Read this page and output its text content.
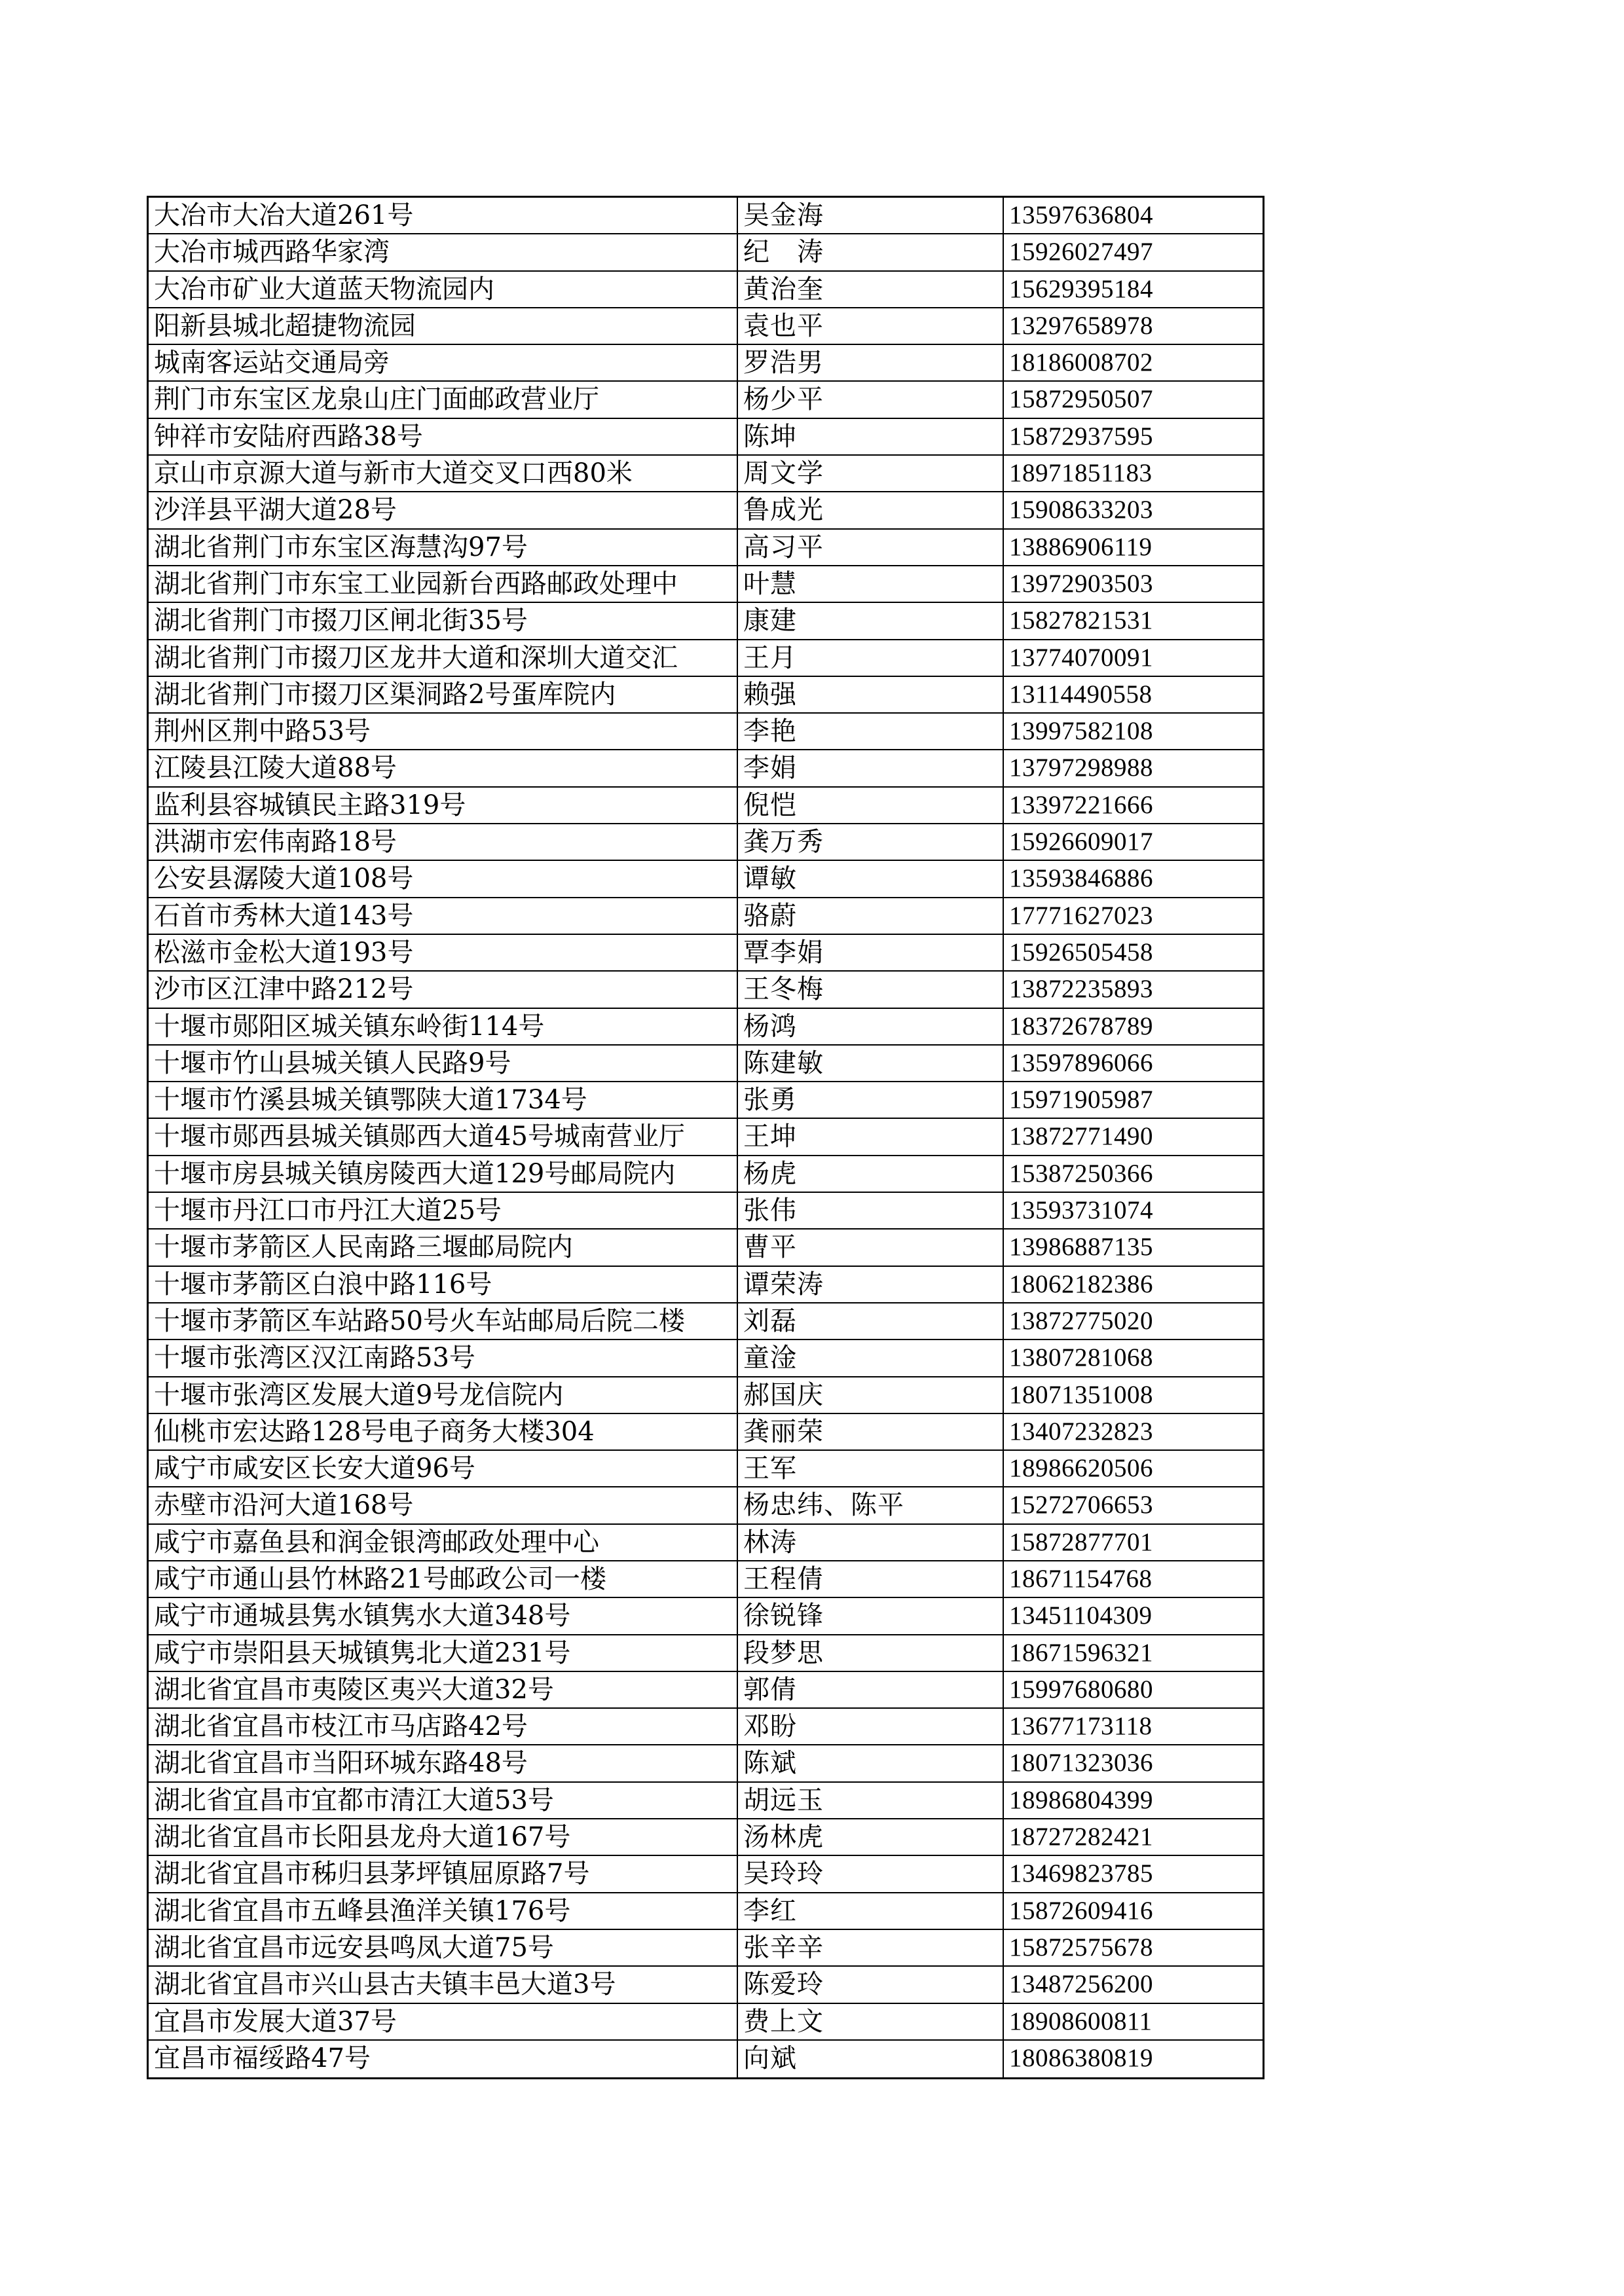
大冶市大冶大道261号	吴金海	13597636804
大冶市城西路华家湾	纪　涛	15926027497
大冶市矿业大道蓝天物流园内	黄治奎	15629395184
阳新县城北超捷物流园	袁也平	13297658978
城南客运站交通局旁	罗浩男	18186008702
荆门市东宝区龙泉山庄门面邮政营业厅	杨少平	15872950507
钟祥市安陆府西路38号	陈坤	15872937595
京山市京源大道与新市大道交叉口西80米	周文学	18971851183
沙洋县平湖大道28号	鲁成光	15908633203
湖北省荆门市东宝区海慧沟97号	高习平	13886906119
湖北省荆门市东宝工业园新台西路邮政处理中	叶慧	13972903503
湖北省荆门市掇刀区闸北街35号	康建	15827821531
湖北省荆门市掇刀区龙井大道和深圳大道交汇	王月	13774070091
湖北省荆门市掇刀区渠洞路2号蛋库院内	赖强	13114490558
荆州区荆中路53号	李艳	13997582108
江陵县江陵大道88号	李娟	13797298988
监利县容城镇民主路319号	倪恺	13397221666
洪湖市宏伟南路18号	龚万秀	15926609017
公安县潺陵大道108号	谭敏	13593846886
石首市秀林大道143号	骆蔚	17771627023
松滋市金松大道193号	覃李娟	15926505458
沙市区江津中路212号	王冬梅	13872235893
十堰市郧阳区城关镇东岭街114号	杨鸿	18372678789
十堰市竹山县城关镇人民路9号	陈建敏	13597896066
十堰市竹溪县城关镇鄂陕大道1734号	张勇	15971905987
十堰市郧西县城关镇郧西大道45号城南营业厅	王坤	13872771490
十堰市房县城关镇房陵西大道129号邮局院内	杨虎	15387250366
十堰市丹江口市丹江大道25号	张伟	13593731074
十堰市茅箭区人民南路三堰邮局院内	曹平	13986887135
十堰市茅箭区白浪中路116号	谭荣涛	18062182386
十堰市茅箭区车站路50号火车站邮局后院二楼	刘磊	13872775020
十堰市张湾区汉江南路53号	童淦	13807281068
十堰市张湾区发展大道9号龙信院内	郝国庆	18071351008
仙桃市宏达路128号电子商务大楼304	龚丽荣	13407232823
咸宁市咸安区长安大道96号	王军	18986620506
赤壁市沿河大道168号	杨忠纬、陈平	15272706653
咸宁市嘉鱼县和润金银湾邮政处理中心	林涛	15872877701
咸宁市通山县竹林路21号邮政公司一楼	王程倩	18671154768
咸宁市通城县隽水镇隽水大道348号	徐锐锋	13451104309
咸宁市崇阳县天城镇隽北大道231号	段梦思	18671596321
湖北省宜昌市夷陵区夷兴大道32号	郭倩	15997680680
湖北省宜昌市枝江市马店路42号	邓盼	13677173118
湖北省宜昌市当阳环城东路48号	陈斌	18071323036
湖北省宜昌市宜都市清江大道53号	胡远玉	18986804399
湖北省宜昌市长阳县龙舟大道167号	汤林虎	18727282421
湖北省宜昌市秭归县茅坪镇屈原路7号	吴玲玲	13469823785
湖北省宜昌市五峰县渔洋关镇176号	李红	15872609416
湖北省宜昌市远安县鸣凤大道75号	张辛辛	15872575678
湖北省宜昌市兴山县古夫镇丰邑大道3号	陈爱玲	13487256200
宜昌市发展大道37号	费上文	18908600811
宜昌市福绥路47号	向斌	18086380819
